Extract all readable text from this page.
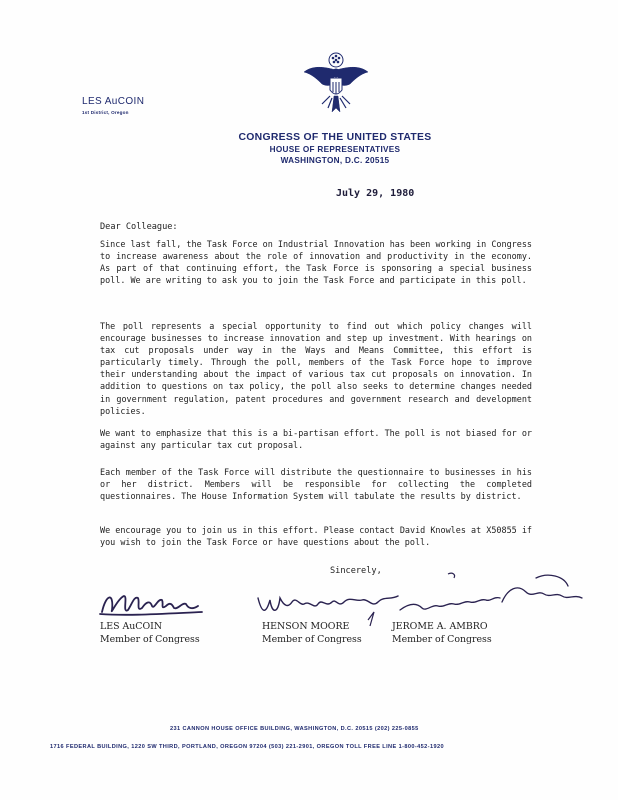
LES AuCOIN
1st District, Oregon
CONGRESS OF THE UNITED STATES
HOUSE OF REPRESENTATIVES
WASHINGTON, D.C. 20515
July 29, 1980
Dear Colleague:

Since last fall, the Task Force on Industrial Innovation has been working in Congress to increase awareness about the role of innovation and productivity in the economy. As part of that continuing effort, the Task Force is sponsoring a special business poll. We are writing to ask you to join the Task Force and participate in this poll.

The poll represents a special opportunity to find out which policy changes will encourage businesses to increase innovation and step up investment. With hearings on tax cut proposals under way in the Ways and Means Committee, this effort is particularly timely. Through the poll, members of the Task Force hope to improve their understanding about the impact of various tax cut proposals on innovation. In addition to questions on tax policy, the poll also seeks to determine changes needed in government regulation, patent procedures and government research and development policies.

We want to emphasize that this is a bi-partisan effort. The poll is not biased for or against any particular tax cut proposal.

Each member of the Task Force will distribute the questionnaire to businesses in his or her district. Members will be responsible for collecting the completed questionnaires. The House Information System will tabulate the results by district.

We encourage you to join us in this effort. Please contact David Knowles at X50855 if you wish to join the Task Force or have questions about the poll.

Sincerely,
LES AuCOIN
Member of Congress
HENSON MOORE
Member of Congress
JEROME A. AMBRO
Member of Congress
231 CANNON HOUSE OFFICE BUILDING, WASHINGTON, D.C. 20515 (202) 225-0855
1716 FEDERAL BUILDING, 1220 SW THIRD, PORTLAND, OREGON 97204 (503) 221-2901, OREGON TOLL FREE LINE 1-800-452-1920
